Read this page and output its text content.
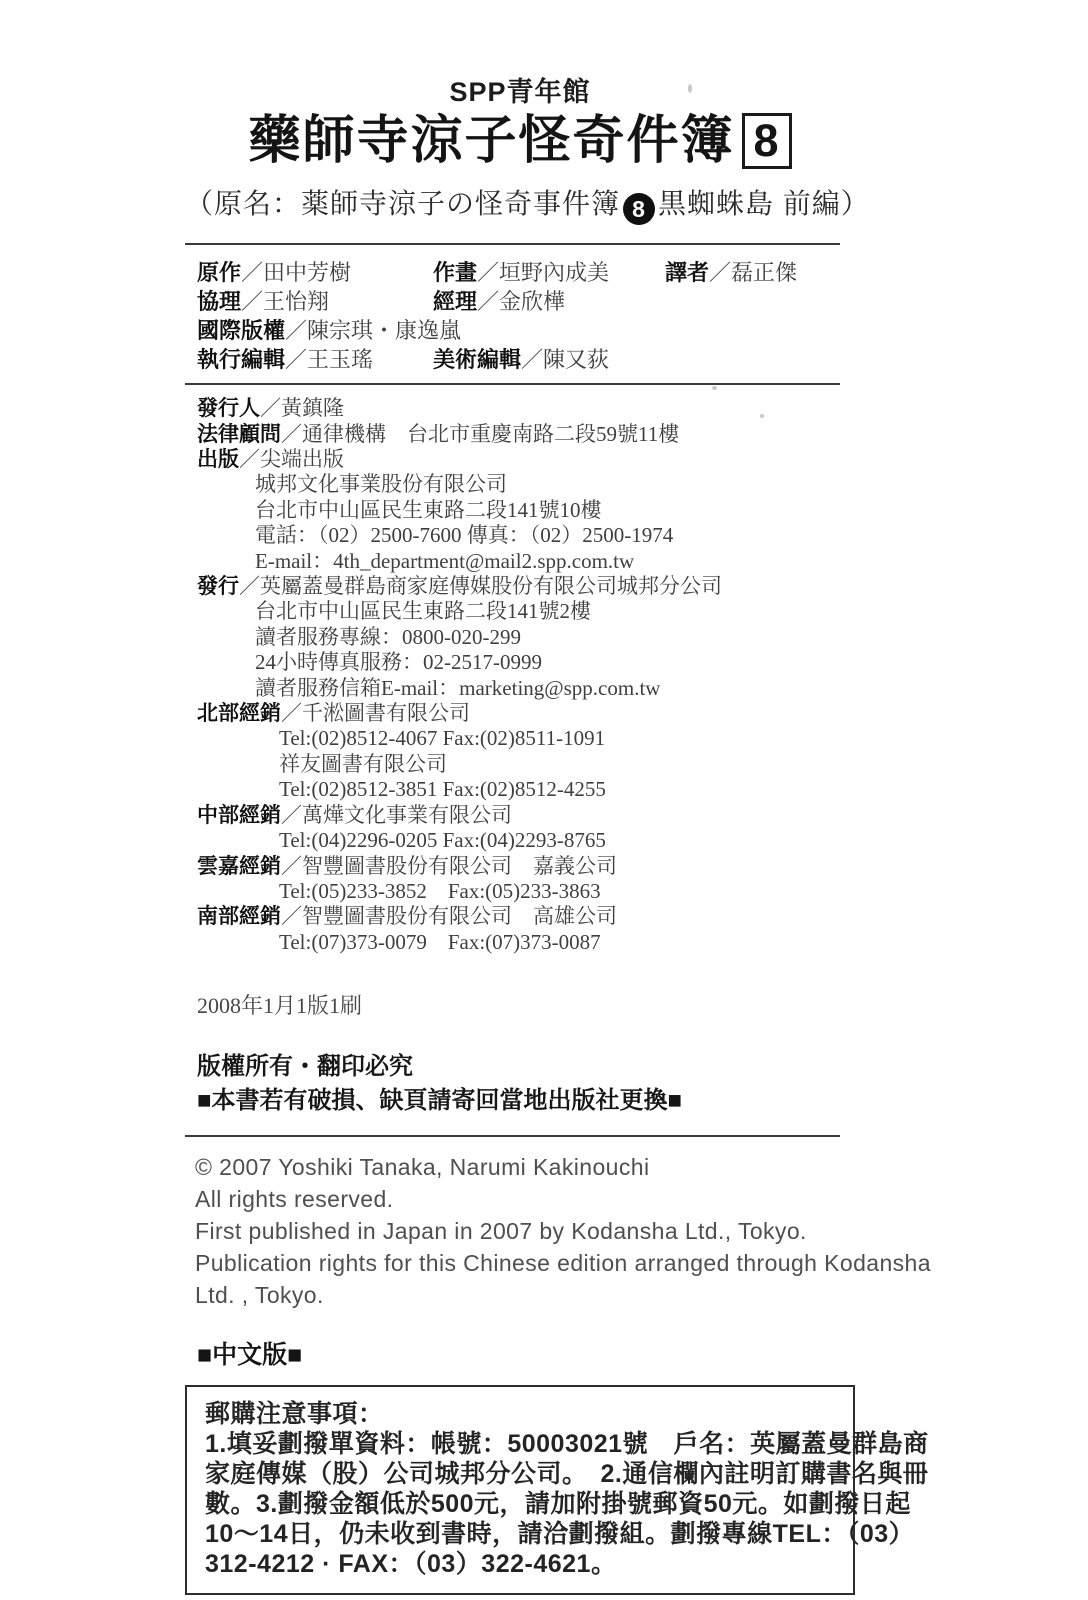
SPP青年館
藥師寺涼子怪奇件簿 8
（原名：薬師寺涼子の怪奇事件簿 8 黒蜘蛛島 前編）
原作／田中芳樹	作畫／垣野內成美	譯者／磊正傑
協理／王怡翔	經理／金欣樺
國際版權／陳宗琪・康逸嵐
執行編輯／王玉瑤	美術編輯／陳又荻
發行人／黃鎮隆
法律顧問／通律機構　台北市重慶南路二段59號11樓
出版／尖端出版
城邦文化事業股份有限公司
台北市中山區民生東路二段141號10樓
電話：（02）2500-7600 傳真：（02）2500-1974
E-mail：4th_department@mail2.spp.com.tw
發行／英屬蓋曼群島商家庭傳媒股份有限公司城邦分公司
台北市中山區民生東路二段141號2樓
讀者服務專線：0800-020-299
24小時傳真服務：02-2517-0999
讀者服務信箱E-mail：marketing@spp.com.tw
北部經銷／千淞圖書有限公司
Tel:(02)8512-4067 Fax:(02)8511-1091
祥友圖書有限公司
Tel:(02)8512-3851 Fax:(02)8512-4255
中部經銷／萬燁文化事業有限公司
Tel:(04)2296-0205 Fax:(04)2293-8765
雲嘉經銷／智豐圖書股份有限公司　嘉義公司
Tel:(05)233-3852　Fax:(05)233-3863
南部經銷／智豐圖書股份有限公司　高雄公司
Tel:(07)373-0079　Fax:(07)373-0087
2008年1月1版1刷
版權所有・翻印必究
■本書若有破損、缺頁請寄回當地出版社更換■
© 2007 Yoshiki Tanaka, Narumi Kakinouchi
All rights reserved.
First published in Japan in 2007 by Kodansha Ltd., Tokyo.
Publication rights for this Chinese edition arranged through Kodansha
Ltd. , Tokyo.
■中文版■
郵購注意事項：
1.填妥劃撥單資料：帳號：50003021號　戶名：英屬蓋曼群島商
家庭傳媒（股）公司城邦分公司。　2.通信欄內註明訂購書名與冊
數。3.劃撥金額低於500元，請加附掛號郵資50元。如劃撥日起
10～14日，仍未收到書時，請洽劃撥組。劃撥專線TEL：（03）
312-4212 · FAX：（03）322-4621。
